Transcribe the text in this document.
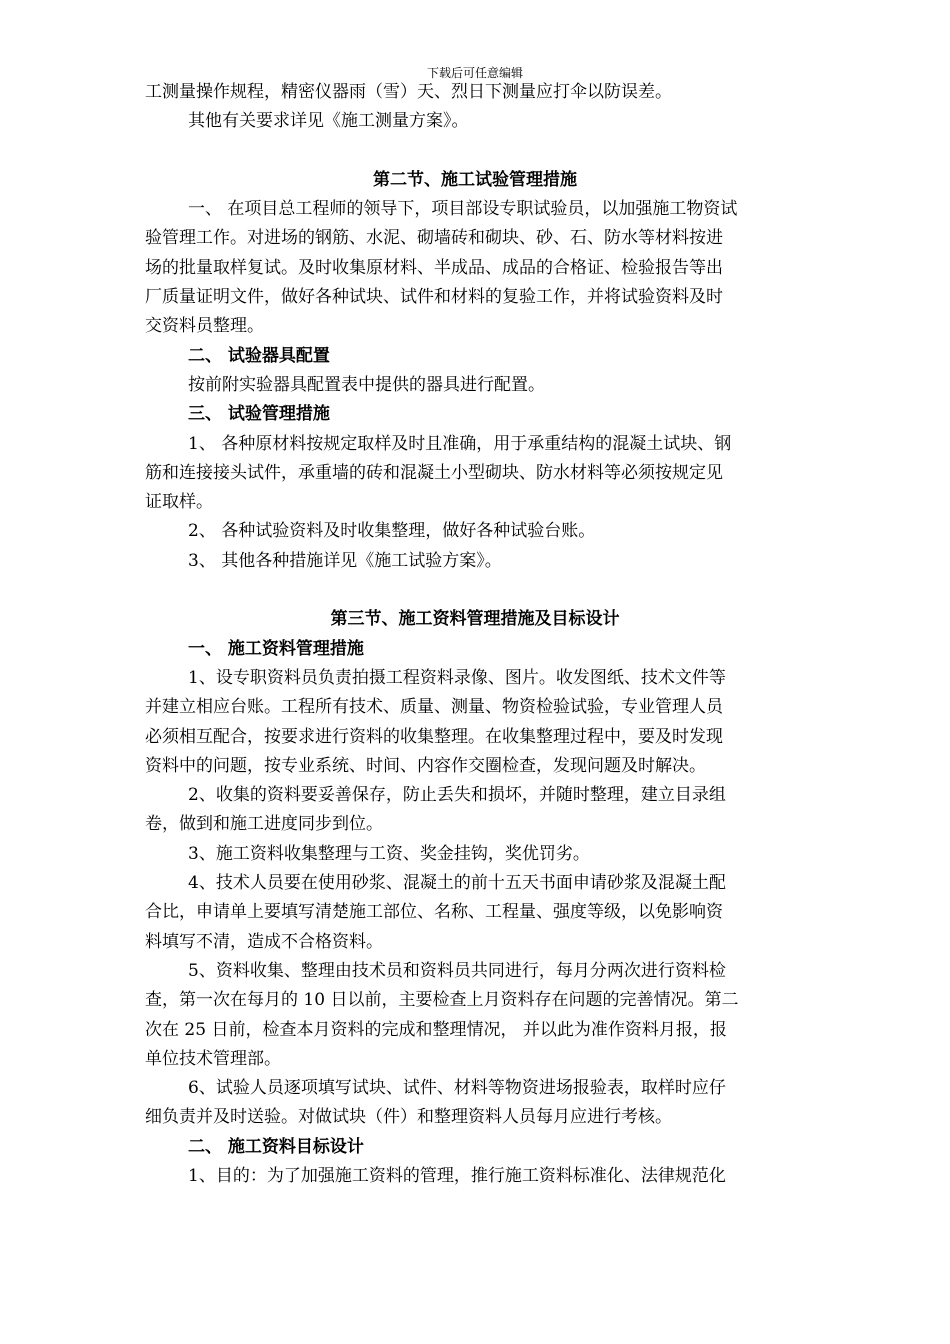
下载后可任意编辑
工测量操作规程，精密仪器雨（雪）天、烈日下测量应打伞以防误差。
其他有关要求详见《施工测量方案》。
第二节、施工试验管理措施
一、 在项目总工程师的领导下，项目部设专职试验员，以加强施工物资试
验管理工作。对进场的钢筋、水泥、砌墙砖和砌块、砂、石、防水等材料按进
场的批量取样复试。及时收集原材料、半成品、成品的合格证、检验报告等出
厂质量证明文件，做好各种试块、试件和材料的复验工作，并将试验资料及时
交资料员整理。
二、 试验器具配置
按前附实验器具配置表中提供的器具进行配置。
三、 试验管理措施
1、 各种原材料按规定取样及时且准确，用于承重结构的混凝土试块、钢
筋和连接接头试件，承重墙的砖和混凝土小型砌块、防水材料等必须按规定见
证取样。
2、 各种试验资料及时收集整理，做好各种试验台账。
3、 其他各种措施详见《施工试验方案》。
第三节、施工资料管理措施及目标设计
一、 施工资料管理措施
1、设专职资料员负责拍摄工程资料录像、图片。收发图纸、技术文件等
并建立相应台账。工程所有技术、质量、测量、物资检验试验，专业管理人员
必须相互配合，按要求进行资料的收集整理。在收集整理过程中，要及时发现
资料中的问题，按专业系统、时间、内容作交圈检查，发现问题及时解决。
2、收集的资料要妥善保存，防止丢失和损坏，并随时整理，建立目录组
卷，做到和施工进度同步到位。
3、施工资料收集整理与工资、奖金挂钩，奖优罚劣。
4、技术人员要在使用砂浆、混凝土的前十五天书面申请砂浆及混凝土配
合比，申请单上要填写清楚施工部位、名称、工程量、强度等级，以免影响资
料填写不清，造成不合格资料。
5、资料收集、整理由技术员和资料员共同进行，每月分两次进行资料检
查，第一次在每月的 10 日以前，主要检查上月资料存在问题的完善情况。第二
次在 25 日前，检查本月资料的完成和整理情况， 并以此为准作资料月报，报
单位技术管理部。
6、试验人员逐项填写试块、试件、材料等物资进场报验表，取样时应仔
细负责并及时送验。对做试块（件）和整理资料人员每月应进行考核。
二、 施工资料目标设计
1、目的：为了加强施工资料的管理，推行施工资料标准化、法律规范化
